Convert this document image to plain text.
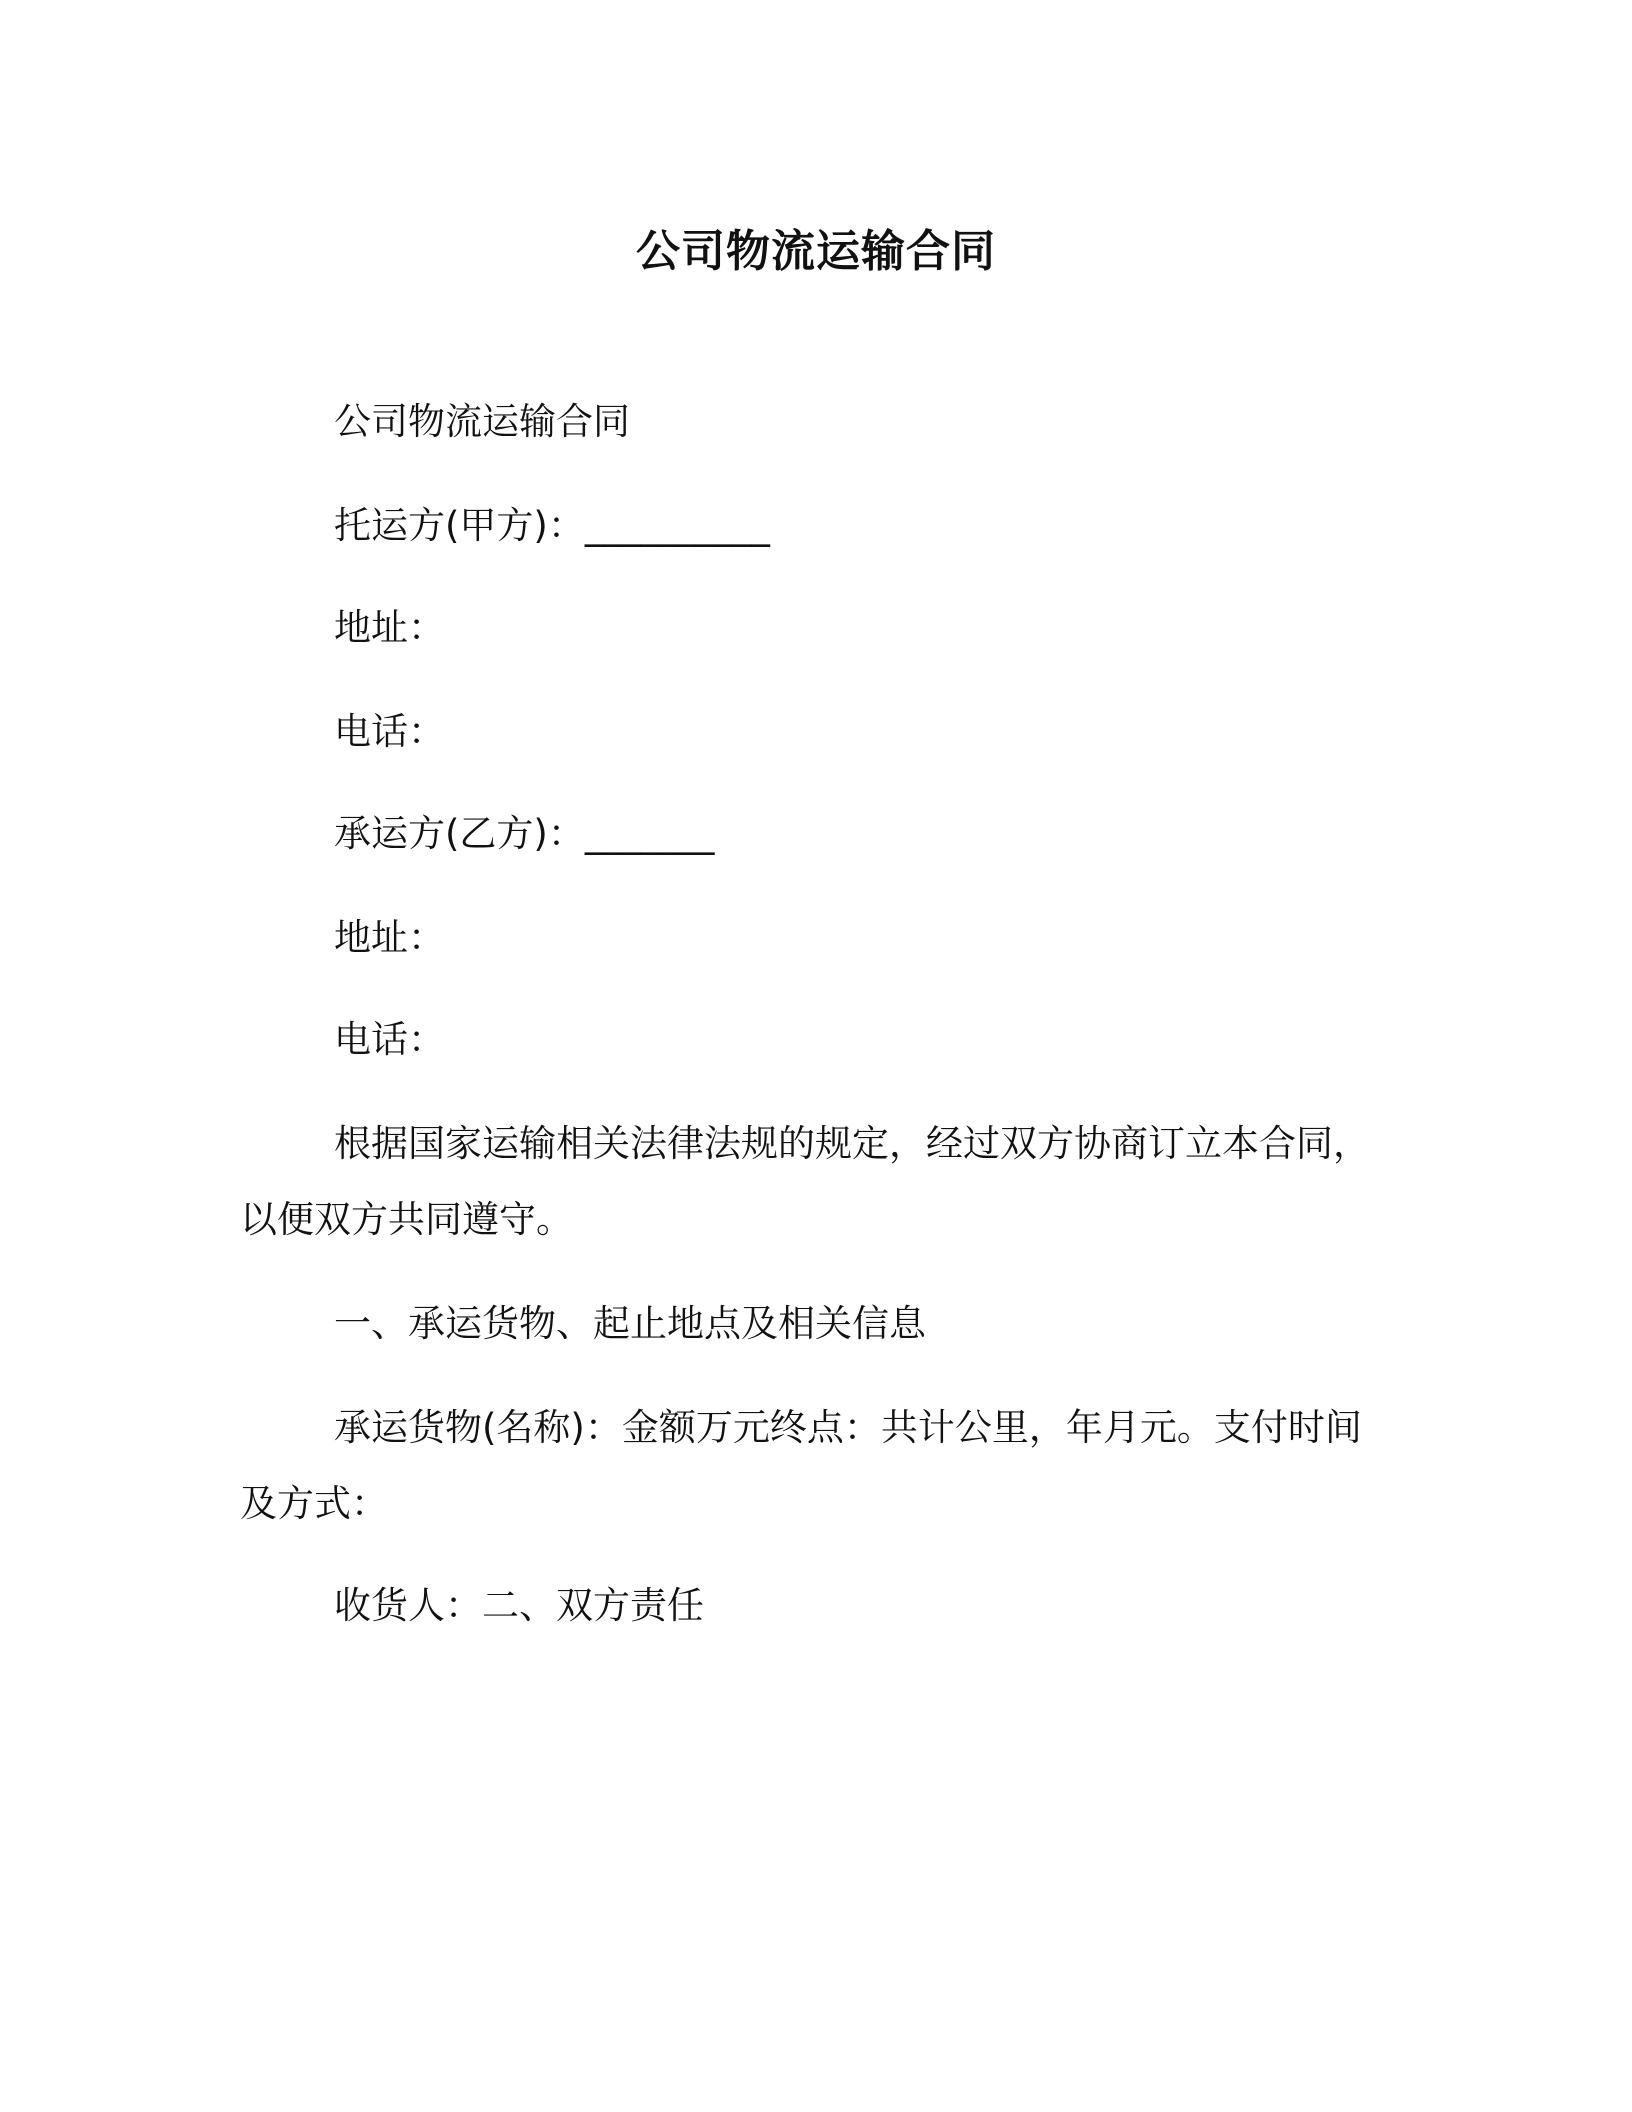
公司物流运输合同

公司物流运输合同

托运方(甲方)：__________

地址：

电话：

承运方(乙方)：_______

地址：

电话：

根据国家运输相关法律法规的规定，经过双方协商订立本合同，

以便双方共同遵守。

一、承运货物、起止地点及相关信息

承运货物(名称)：金额万元终点：共计公里，年月元。支付时间

及方式：

收货人：二、双方责任
